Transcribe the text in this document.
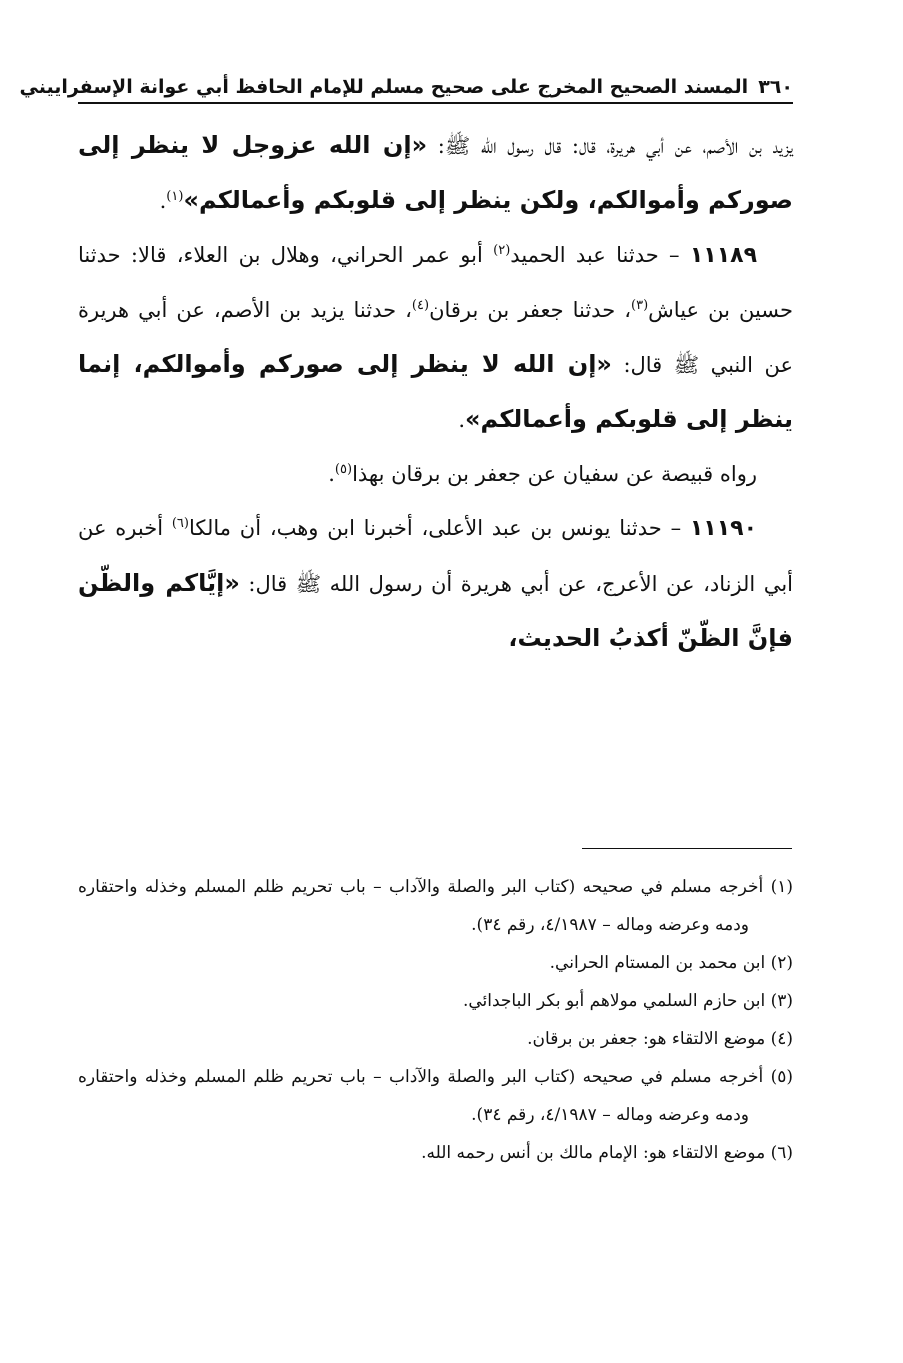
٣٦٠
المسند الصحيح المخرج على صحيح مسلم للإمام الحافظ أبي عوانة الإسفراييني

يزيد بن الأصم، عن أبي هريرة، قال: قال رسول الله ﷺ: «إن الله عزوجل لا ينظر إلى صوركم وأموالكم، ولكن ينظر إلى قلوبكم وأعمالكم»$^{(١)}$.

١١١٨٩ – حدثنا عبد الحميد$^{(٢)}$ أبو عمر الحراني، وهلال بن العلاء، قالا: حدثنا حسين بن عياش$^{(٣)}$، حدثنا جعفر بن برقان$^{(٤)}$، حدثنا يزيد بن الأصم، عن أبي هريرة عن النبي ﷺ قال: «إن الله لا ينظر إلى صوركم وأموالكم، إنما ينظر إلى قلوبكم وأعمالكم».

رواه قبيصة عن سفيان عن جعفر بن برقان بهذا$^{(٥)}$.

١١١٩٠ – حدثنا يونس بن عبد الأعلى، أخبرنا ابن وهب، أن مالكا$^{(٦)}$ أخبره عن أبي الزناد، عن الأعرج، عن أبي هريرة أن رسول الله ﷺ قال: «إيَّاكم والظّن فإنَّ الظّنّ أكذبُ الحديث،

(١) أخرجه مسلم في صحيحه (كتاب البر والصلة والآداب – باب تحريم ظلم المسلم وخذله واحتقاره ودمه وعرضه وماله – ٤/١٩٨٧، رقم ٣٤).

(٢) ابن محمد بن المستام الحراني.

(٣) ابن حازم السلمي مولاهم أبو بكر الباجدائي.

(٤) موضع الالتقاء هو: جعفر بن برقان.

(٥) أخرجه مسلم في صحيحه (كتاب البر والصلة والآداب – باب تحريم ظلم المسلم وخذله واحتقاره ودمه وعرضه وماله – ٤/١٩٨٧، رقم ٣٤).

(٦) موضع الالتقاء هو: الإمام مالك بن أنس رحمه الله.
